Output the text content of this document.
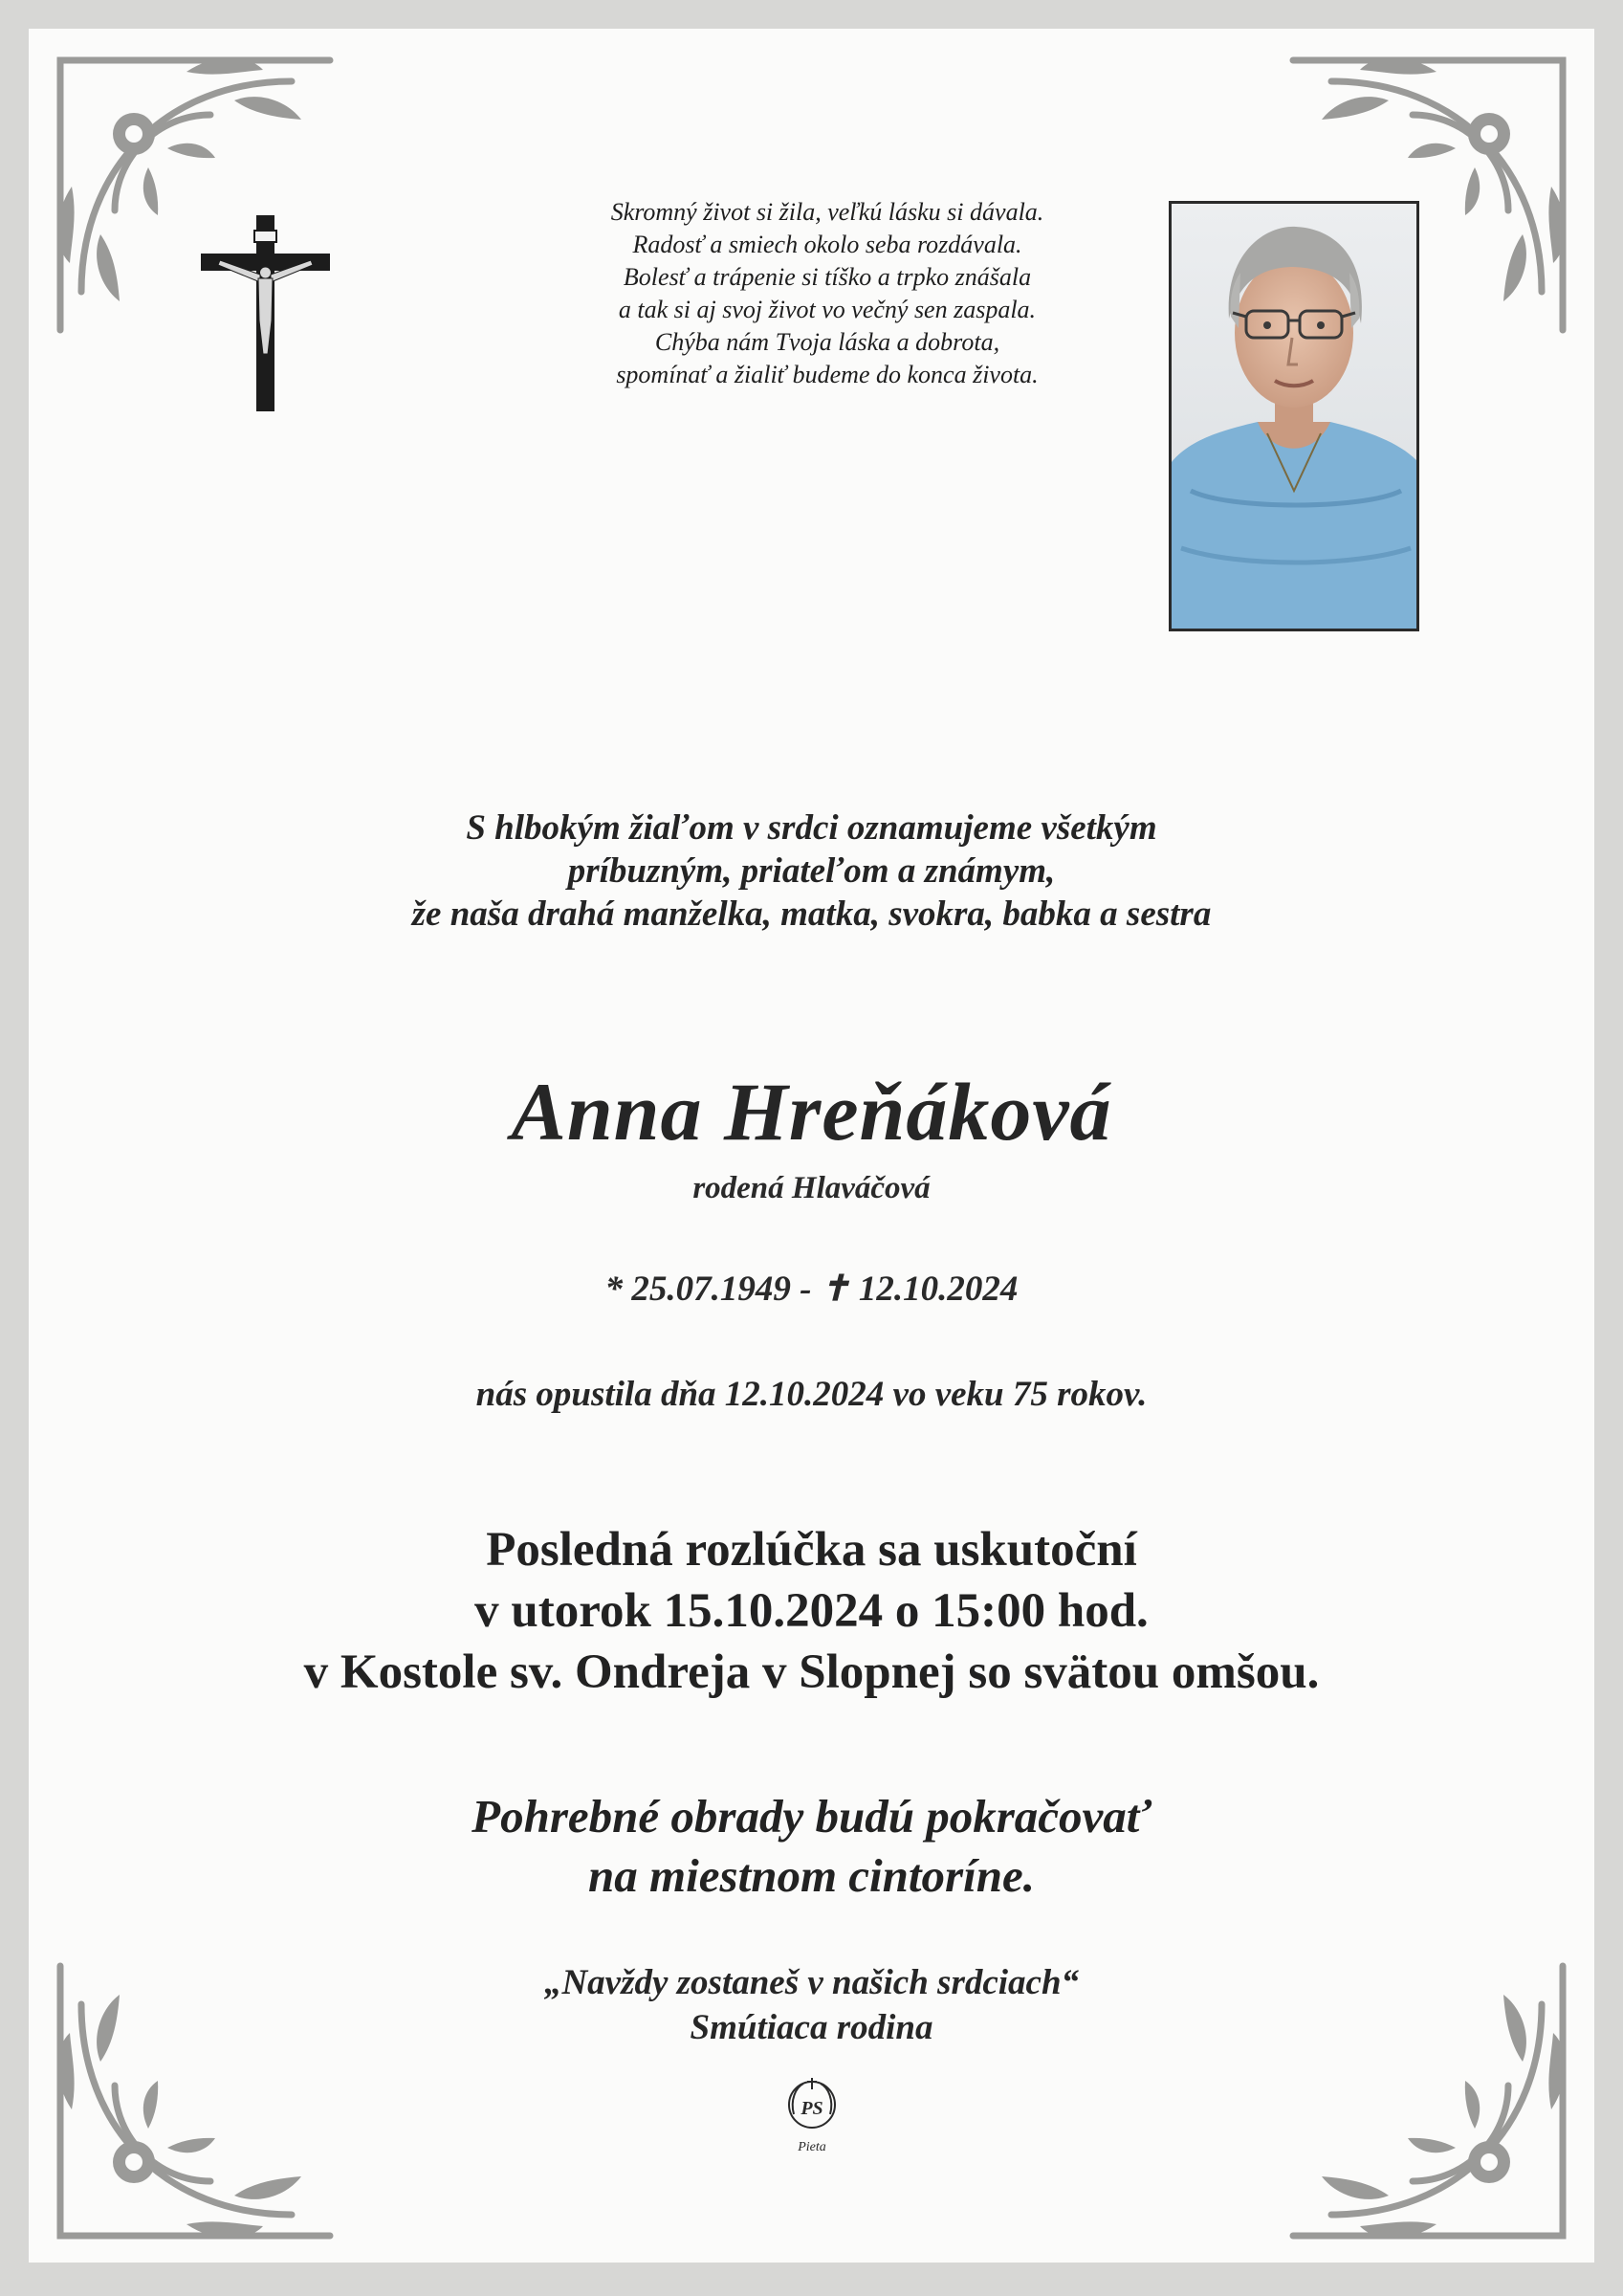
Skromný život si žila, veľkú lásku si dávala.
Radosť a smiech okolo seba rozdávala.
Bolesť a trápenie si tíško a trpko znášala
a tak si aj svoj život vo večný sen zaspala.
Chýba nám Tvoja láska a dobrota,
spomínať a žialiť budeme do konca života.
S hlbokým žiaľom v srdci oznamujeme všetkým
príbuzným, priateľom a známym,
že naša drahá manželka, matka, svokra, babka a sestra
Anna Hreňáková
rodená Hlaváčová
* 25.07.1949 - ✝ 12.10.2024
nás opustila dňa 12.10.2024 vo veku 75 rokov.
Posledná rozlúčka sa uskutoční
v utorok 15.10.2024 o 15:00 hod.
v Kostole sv. Ondreja v Slopnej so svätou omšou.
Pohrebné obrady budú pokračovať
na miestnom cintoríne.
„Navždy zostaneš v našich srdciach“
Smútiaca rodina
PS
Pieta
